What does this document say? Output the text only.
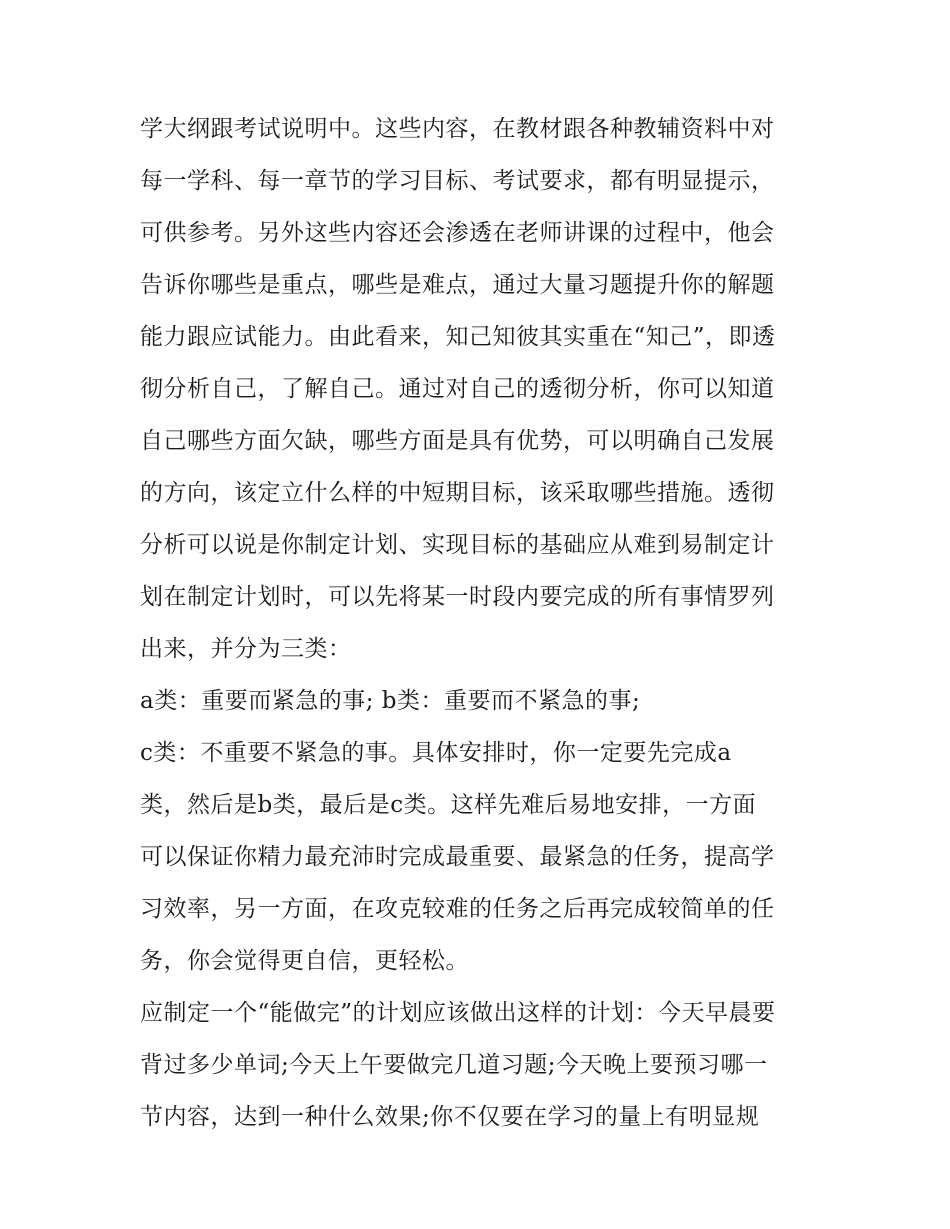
学大纲跟考试说明中。这些内容，在教材跟各种教辅资料中对
每一学科、每一章节的学习目标、考试要求，都有明显提示，
可供参考。另外这些内容还会渗透在老师讲课的过程中，他会
告诉你哪些是重点，哪些是难点，通过大量习题提升你的解题
能力跟应试能力。由此看来，知己知彼其实重在“知己”，即透
彻分析自己，了解自己。通过对自己的透彻分析，你可以知道
自己哪些方面欠缺，哪些方面是具有优势，可以明确自己发展
的方向，该定立什么样的中短期目标，该采取哪些措施。透彻
分析可以说是你制定计划、实现目标的基础应从难到易制定计
划在制定计划时，可以先将某一时段内要完成的所有事情罗列
出来，并分为三类：
a类：重要而紧急的事; b类：重要而不紧急的事;
c类：不重要不紧急的事。具体安排时，你一定要先完成a
类，然后是b类，最后是c类。这样先难后易地安排，一方面
可以保证你精力最充沛时完成最重要、最紧急的任务，提高学
习效率，另一方面，在攻克较难的任务之后再完成较简单的任
务，你会觉得更自信，更轻松。
应制定一个“能做完”的计划应该做出这样的计划：今天早晨要
背过多少单词;今天上午要做完几道习题;今天晚上要预习哪一
节内容，达到一种什么效果;你不仅要在学习的量上有明显规
